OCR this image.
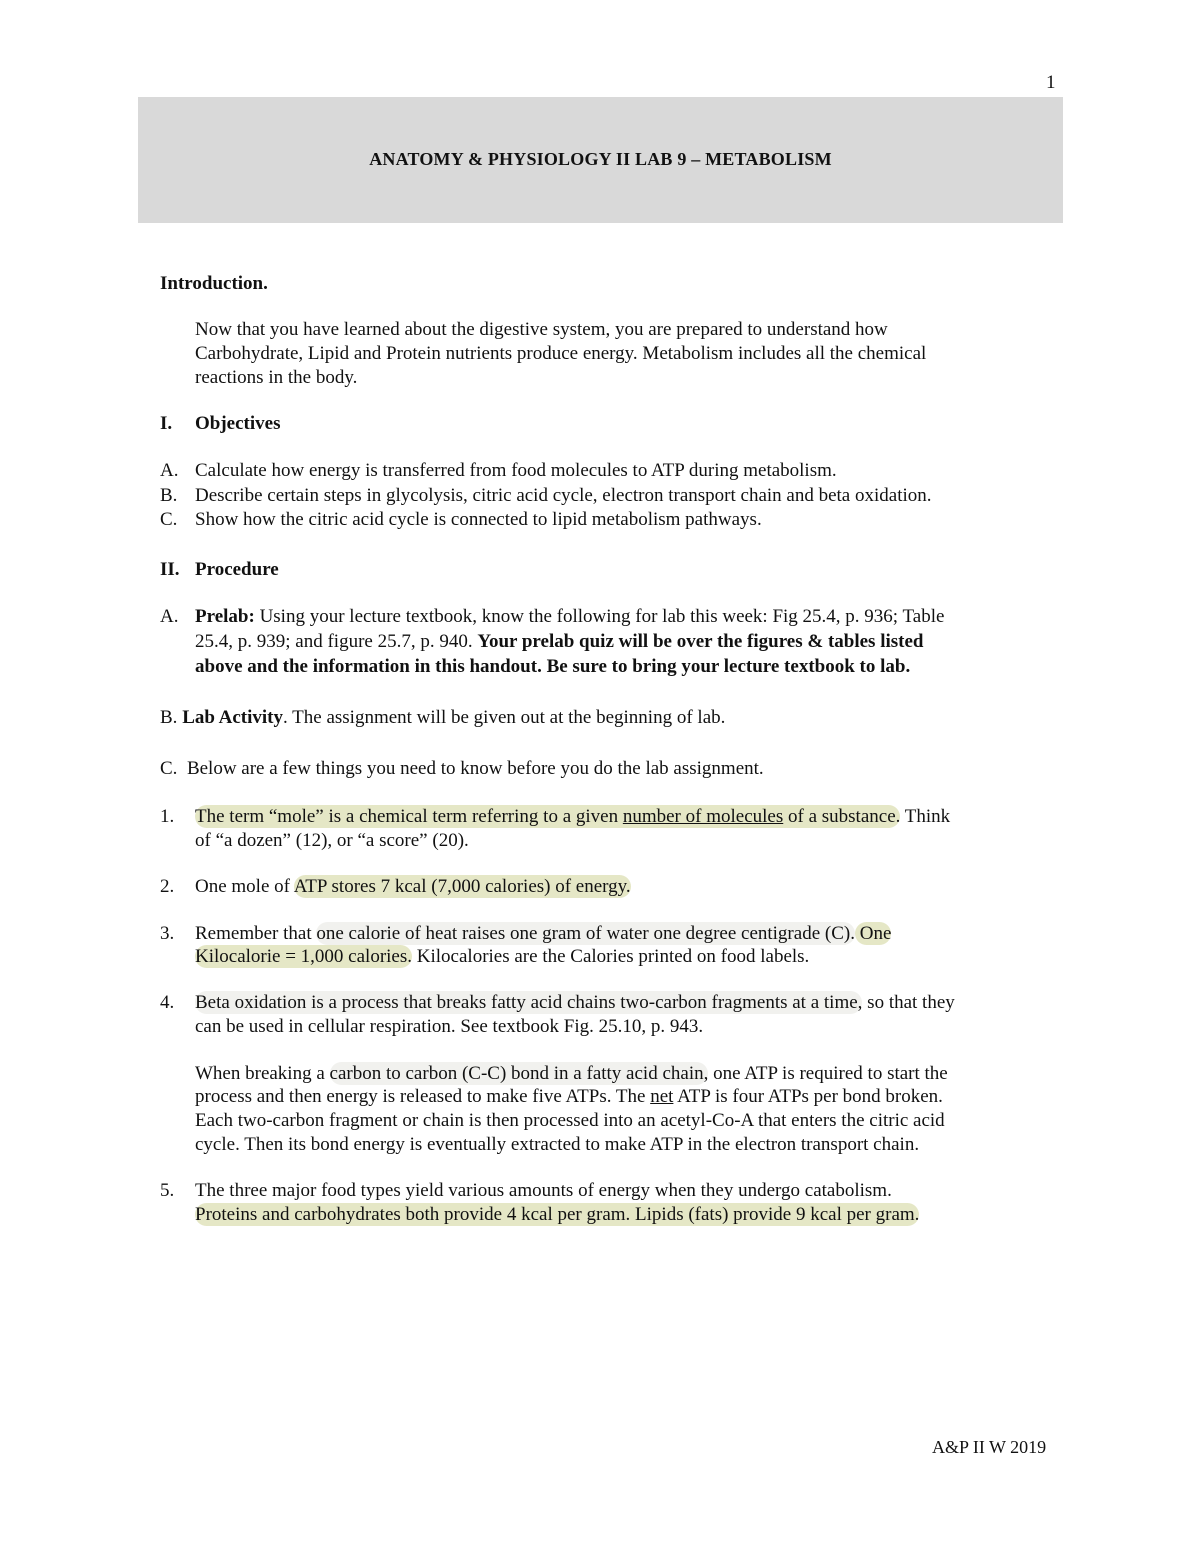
1
ANATOMY & PHYSIOLOGY II LAB 9 – METABOLISM
Introduction.
Now that you have learned about the digestive system, you are prepared to understand how
Carbohydrate, Lipid and Protein nutrients produce energy. Metabolism includes all the chemical
reactions in the body.
I. Objectives
A. Calculate how energy is transferred from food molecules to ATP during metabolism.
B. Describe certain steps in glycolysis, citric acid cycle, electron transport chain and beta oxidation.
C. Show how the citric acid cycle is connected to lipid metabolism pathways.
II. Procedure
A. Prelab: Using your lecture textbook, know the following for lab this week: Fig 25.4, p. 936; Table
25.4, p. 939; and figure 25.7, p. 940. Your prelab quiz will be over the figures & tables listed
above and the information in this handout. Be sure to bring your lecture textbook to lab.
B. Lab Activity. The assignment will be given out at the beginning of lab.
C. Below are a few things you need to know before you do the lab assignment.
1. The term “mole” is a chemical term referring to a given number of molecules of a substance. Think
of “a dozen” (12), or “a score” (20).
2. One mole of ATP stores 7 kcal (7,000 calories) of energy.
3. Remember that one calorie of heat raises one gram of water one degree centigrade (C). One
Kilocalorie = 1,000 calories. Kilocalories are the Calories printed on food labels.
4. Beta oxidation is a process that breaks fatty acid chains two-carbon fragments at a time, so that they
can be used in cellular respiration. See textbook Fig. 25.10, p. 943.
When breaking a carbon to carbon (C-C) bond in a fatty acid chain, one ATP is required to start the
process and then energy is released to make five ATPs. The net ATP is four ATPs per bond broken.
Each two-carbon fragment or chain is then processed into an acetyl-Co-A that enters the citric acid
cycle. Then its bond energy is eventually extracted to make ATP in the electron transport chain.
5. The three major food types yield various amounts of energy when they undergo catabolism.
Proteins and carbohydrates both provide 4 kcal per gram. Lipids (fats) provide 9 kcal per gram.
A&P II W 2019
